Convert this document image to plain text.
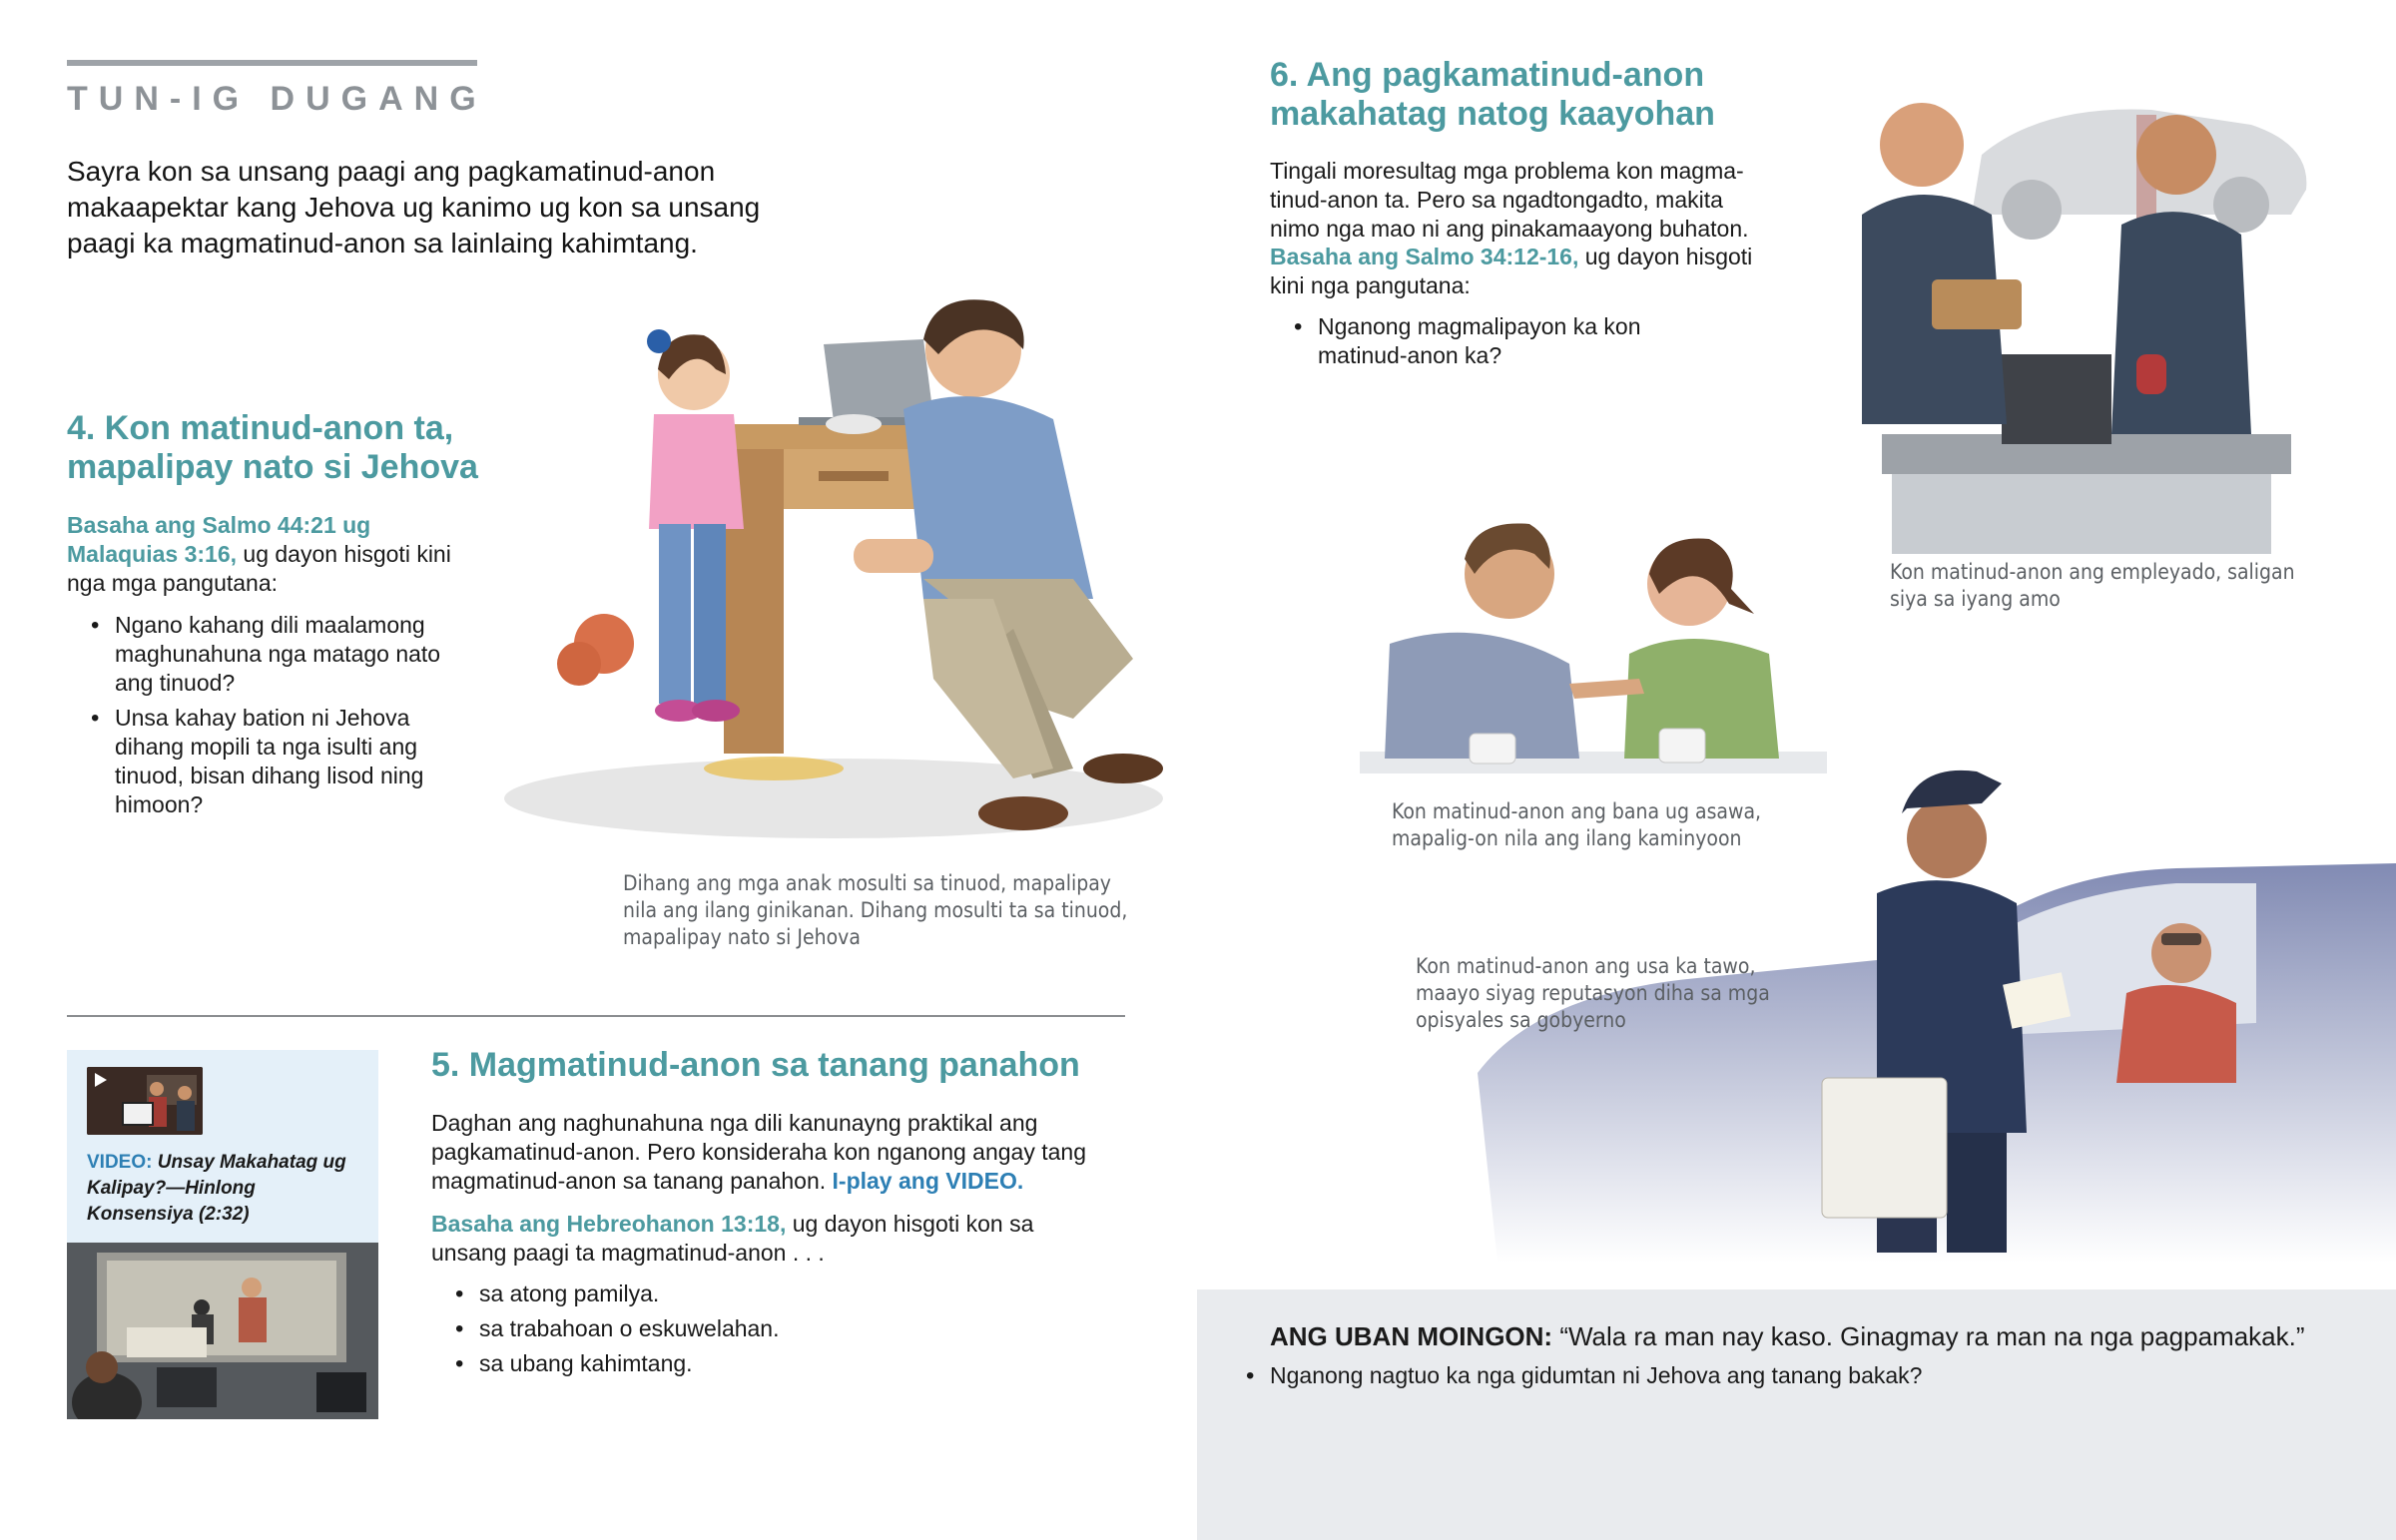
TUN-IG DUGANG

Sayra kon sa unsang paagi ang pagkamatinud-anon makaapektar kang Jehova ug kanimo ug kon sa unsang paagi ka magmatinud-anon sa lainlaing kahimtang.

4. Kon matinud-anon ta,
mapalipay nato si Jehova

Basaha ang Salmo 44:21 ug Malaquias 3:16, ug dayon hisgoti kini nga mga pangutana:

• Ngano kahang dili maalamong maghunahuna nga matago nato ang tinuod?
• Unsa kahay bation ni Jehova dihang mopili ta nga isulti ang tinuod, bisan dihang lisod ning himoon?

Dihang ang mga anak mosulti sa tinuod, mapalipay nila ang ilang ginikanan. Dihang mosulti ta sa tinuod, mapalipay nato si Jehova

VIDEO: Unsay Makahatag ug Kalipay?—Hinlong Konsensiya (2:32)
5. Magmatinud-anon sa tanang panahon

Daghan ang naghunahuna nga dili kanunayng praktikal ang pagkamatinud-anon. Pero konsideraha kon nganong angay tang magmatinud-anon sa tanang panahon. I-play ang VIDEO.

Basaha ang Hebreohanon 13:18, ug dayon hisgoti kon sa unsang paagi ta magmatinud-anon . . .

• sa atong pamilya.
• sa trabahoan o eskuwelahan.
• sa ubang kahimtang.
6. Ang pagkamatinud-anon
makahatag natog kaayohan

Tingali moresultag mga problema kon magma-tinud-anon ta. Pero sa ngadtongadto, makita nimo nga mao ni ang pinakamaayong buhaton.

Basaha ang Salmo 34:12-16, ug dayon hisgoti kini nga pangutana:

• Nganong magmalipayon ka kon matinud-anon ka?

Kon matinud-anon ang empleyado, saligan siya sa iyang amo

Kon matinud-anon ang bana ug asawa, mapalig-on nila ang ilang kaminyoon

Kon matinud-anon ang usa ka tawo, maayo siyag reputasyon diha sa mga opisyales sa gobyerno

ANG UBAN MOINGON: “Wala ra man nay kaso. Ginagmay ra man na nga pagpamakak.”

• Nganong nagtuo ka nga gidumtan ni Jehova ang tanang bakak?
